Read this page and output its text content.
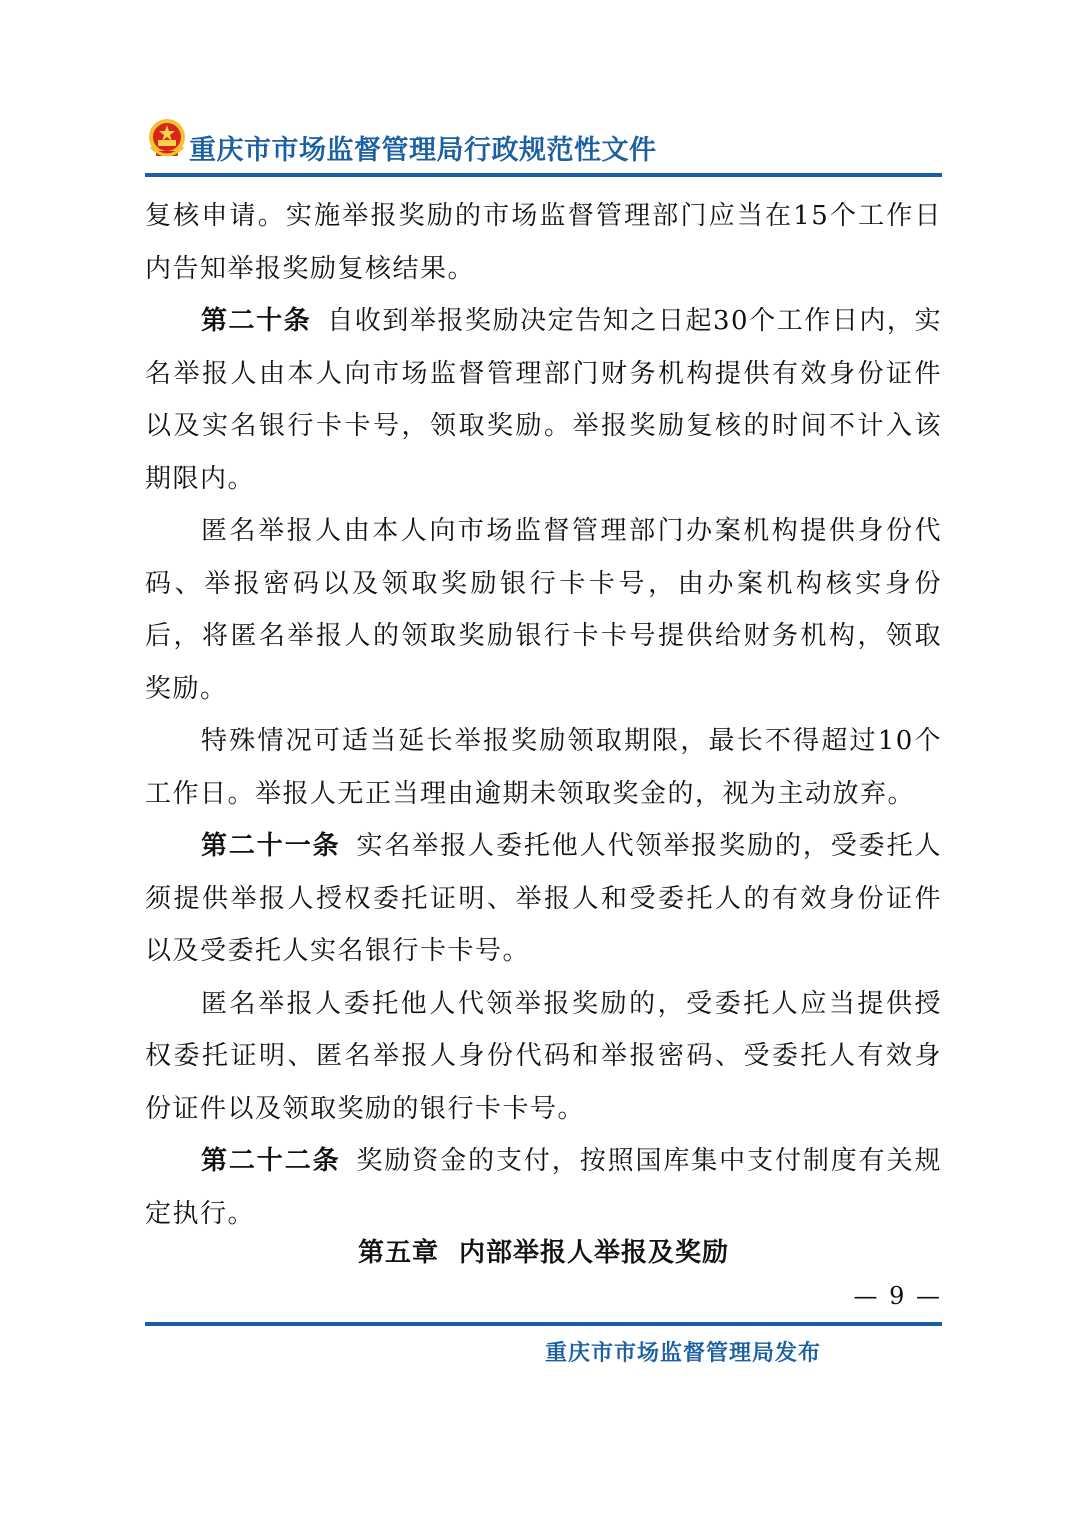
重庆市市场监督管理局行政规范性文件

复核申请。实施举报奖励的市场监督管理部门应当在15个工作日内告知举报奖励复核结果。

第二十条 自收到举报奖励决定告知之日起30个工作日内，实名举报人由本人向市场监督管理部门财务机构提供有效身份证件以及实名银行卡卡号，领取奖励。举报奖励复核的时间不计入该期限内。

匿名举报人由本人向市场监督管理部门办案机构提供身份代码、举报密码以及领取奖励银行卡卡号，由办案机构核实身份后，将匿名举报人的领取奖励银行卡卡号提供给财务机构，领取奖励。

特殊情况可适当延长举报奖励领取期限，最长不得超过10个工作日。举报人无正当理由逾期未领取奖金的，视为主动放弃。

第二十一条 实名举报人委托他人代领举报奖励的，受委托人须提供举报人授权委托证明、举报人和受委托人的有效身份证件以及受委托人实名银行卡卡号。

匿名举报人委托他人代领举报奖励的，受委托人应当提供授权委托证明、匿名举报人身份代码和举报密码、受委托人有效身份证件以及领取奖励的银行卡卡号。

第二十二条 奖励资金的支付，按照国库集中支付制度有关规定执行。

第五章 内部举报人举报及奖励
— 9 —
重庆市市场监督管理局发布
